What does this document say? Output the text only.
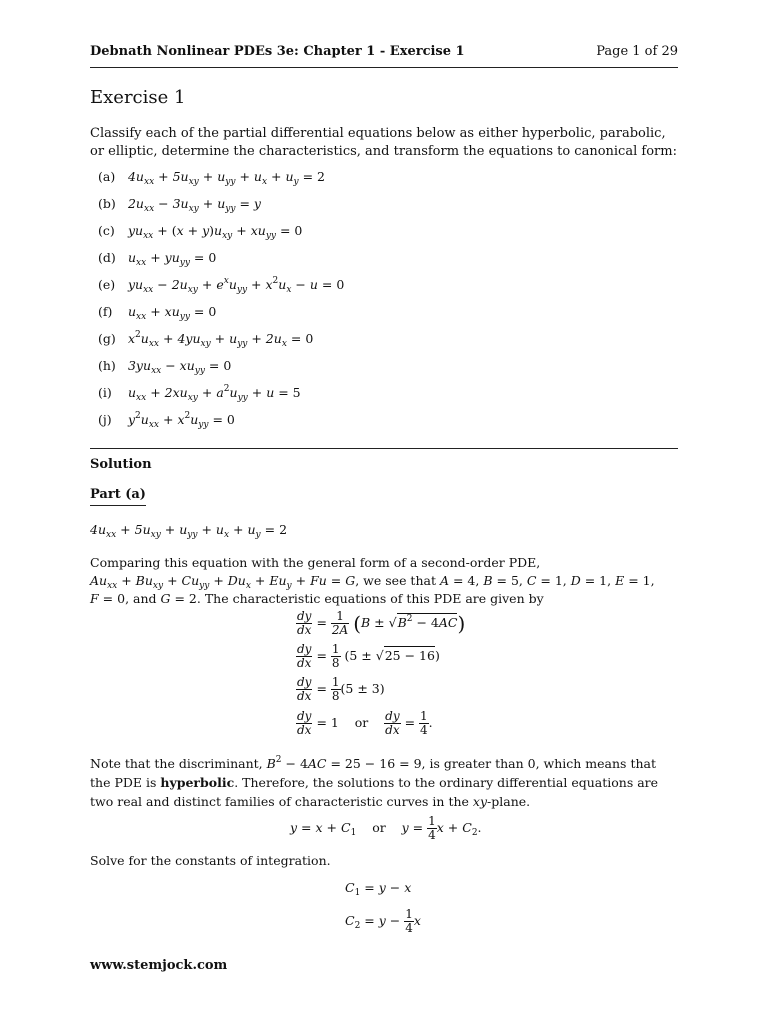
Debnath Nonlinear PDEs 3e: Chapter 1 - Exercise 1	Page 1 of 29
Exercise 1
Classify each of the partial differential equations below as either hyperbolic, parabolic, or elliptic, determine the characteristics, and transform the equations to canonical form:
(a) $4u_{xx} + 5u_{xy} + u_{yy} + u_x + u_y = 2$
(b) $2u_{xx} - 3u_{xy} + u_{yy} = y$
(c) $yu_{xx} + (x + y)u_{xy} + xu_{yy} = 0$
(d) $u_{xx} + yu_{yy} = 0$
(e) $yu_{xx} - 2u_{xy} + e^xu_{yy} + x^2u_x - u = 0$
(f) $u_{xx} + xu_{yy} = 0$
(g) $x^2u_{xx} + 4yu_{xy} + u_{yy} + 2u_x = 0$
(h) $3yu_{xx} - xu_{yy} = 0$
(i) $u_{xx} + 2xu_{xy} + a^2u_{yy} + u = 5$
(j) $y^2u_{xx} + x^2u_{yy} = 0$
Solution
Part (a)
$4u_{xx} + 5u_{xy} + u_{yy} + u_x + u_y = 2$
Comparing this equation with the general form of a second-order PDE,
$Au_{xx} + Bu_{xy} + Cu_{yy} + Du_x + Eu_y + Fu = G$, we see that A = 4, B = 5, C = 1, D = 1, E = 1,
F = 0, and G = 2. The characteristic equations of this PDE are given by
$\frac{dy}{dx} = \frac{1}{2A} (B \pm √B^2 - 4AC)$
$\frac{dy}{dx} = \frac{1}{8} (5 \pm √25 - 16)$
$\frac{dy}{dx} = \frac{1}{8} (5 \pm 3)$
$\frac{dy}{dx} = 1$    or $\frac{dy}{dx} = \frac{1}{4}$ .
Note that the discriminant, $B^2 - 4AC = 25 - 16 = 9$, is greater than 0, which means that the PDE is hyperbolic. Therefore, the solutions to the ordinary differential equations are two real and distinct families of characteristic curves in the xy-plane.
$y = x + C_1$    or    $y = \frac{1}{4}$ $x + C_2$.
Solve for the constants of integration.
$C_1 = y - x$
$C_2 = y - \frac{1}{4}$ x
www.stemjock.com
